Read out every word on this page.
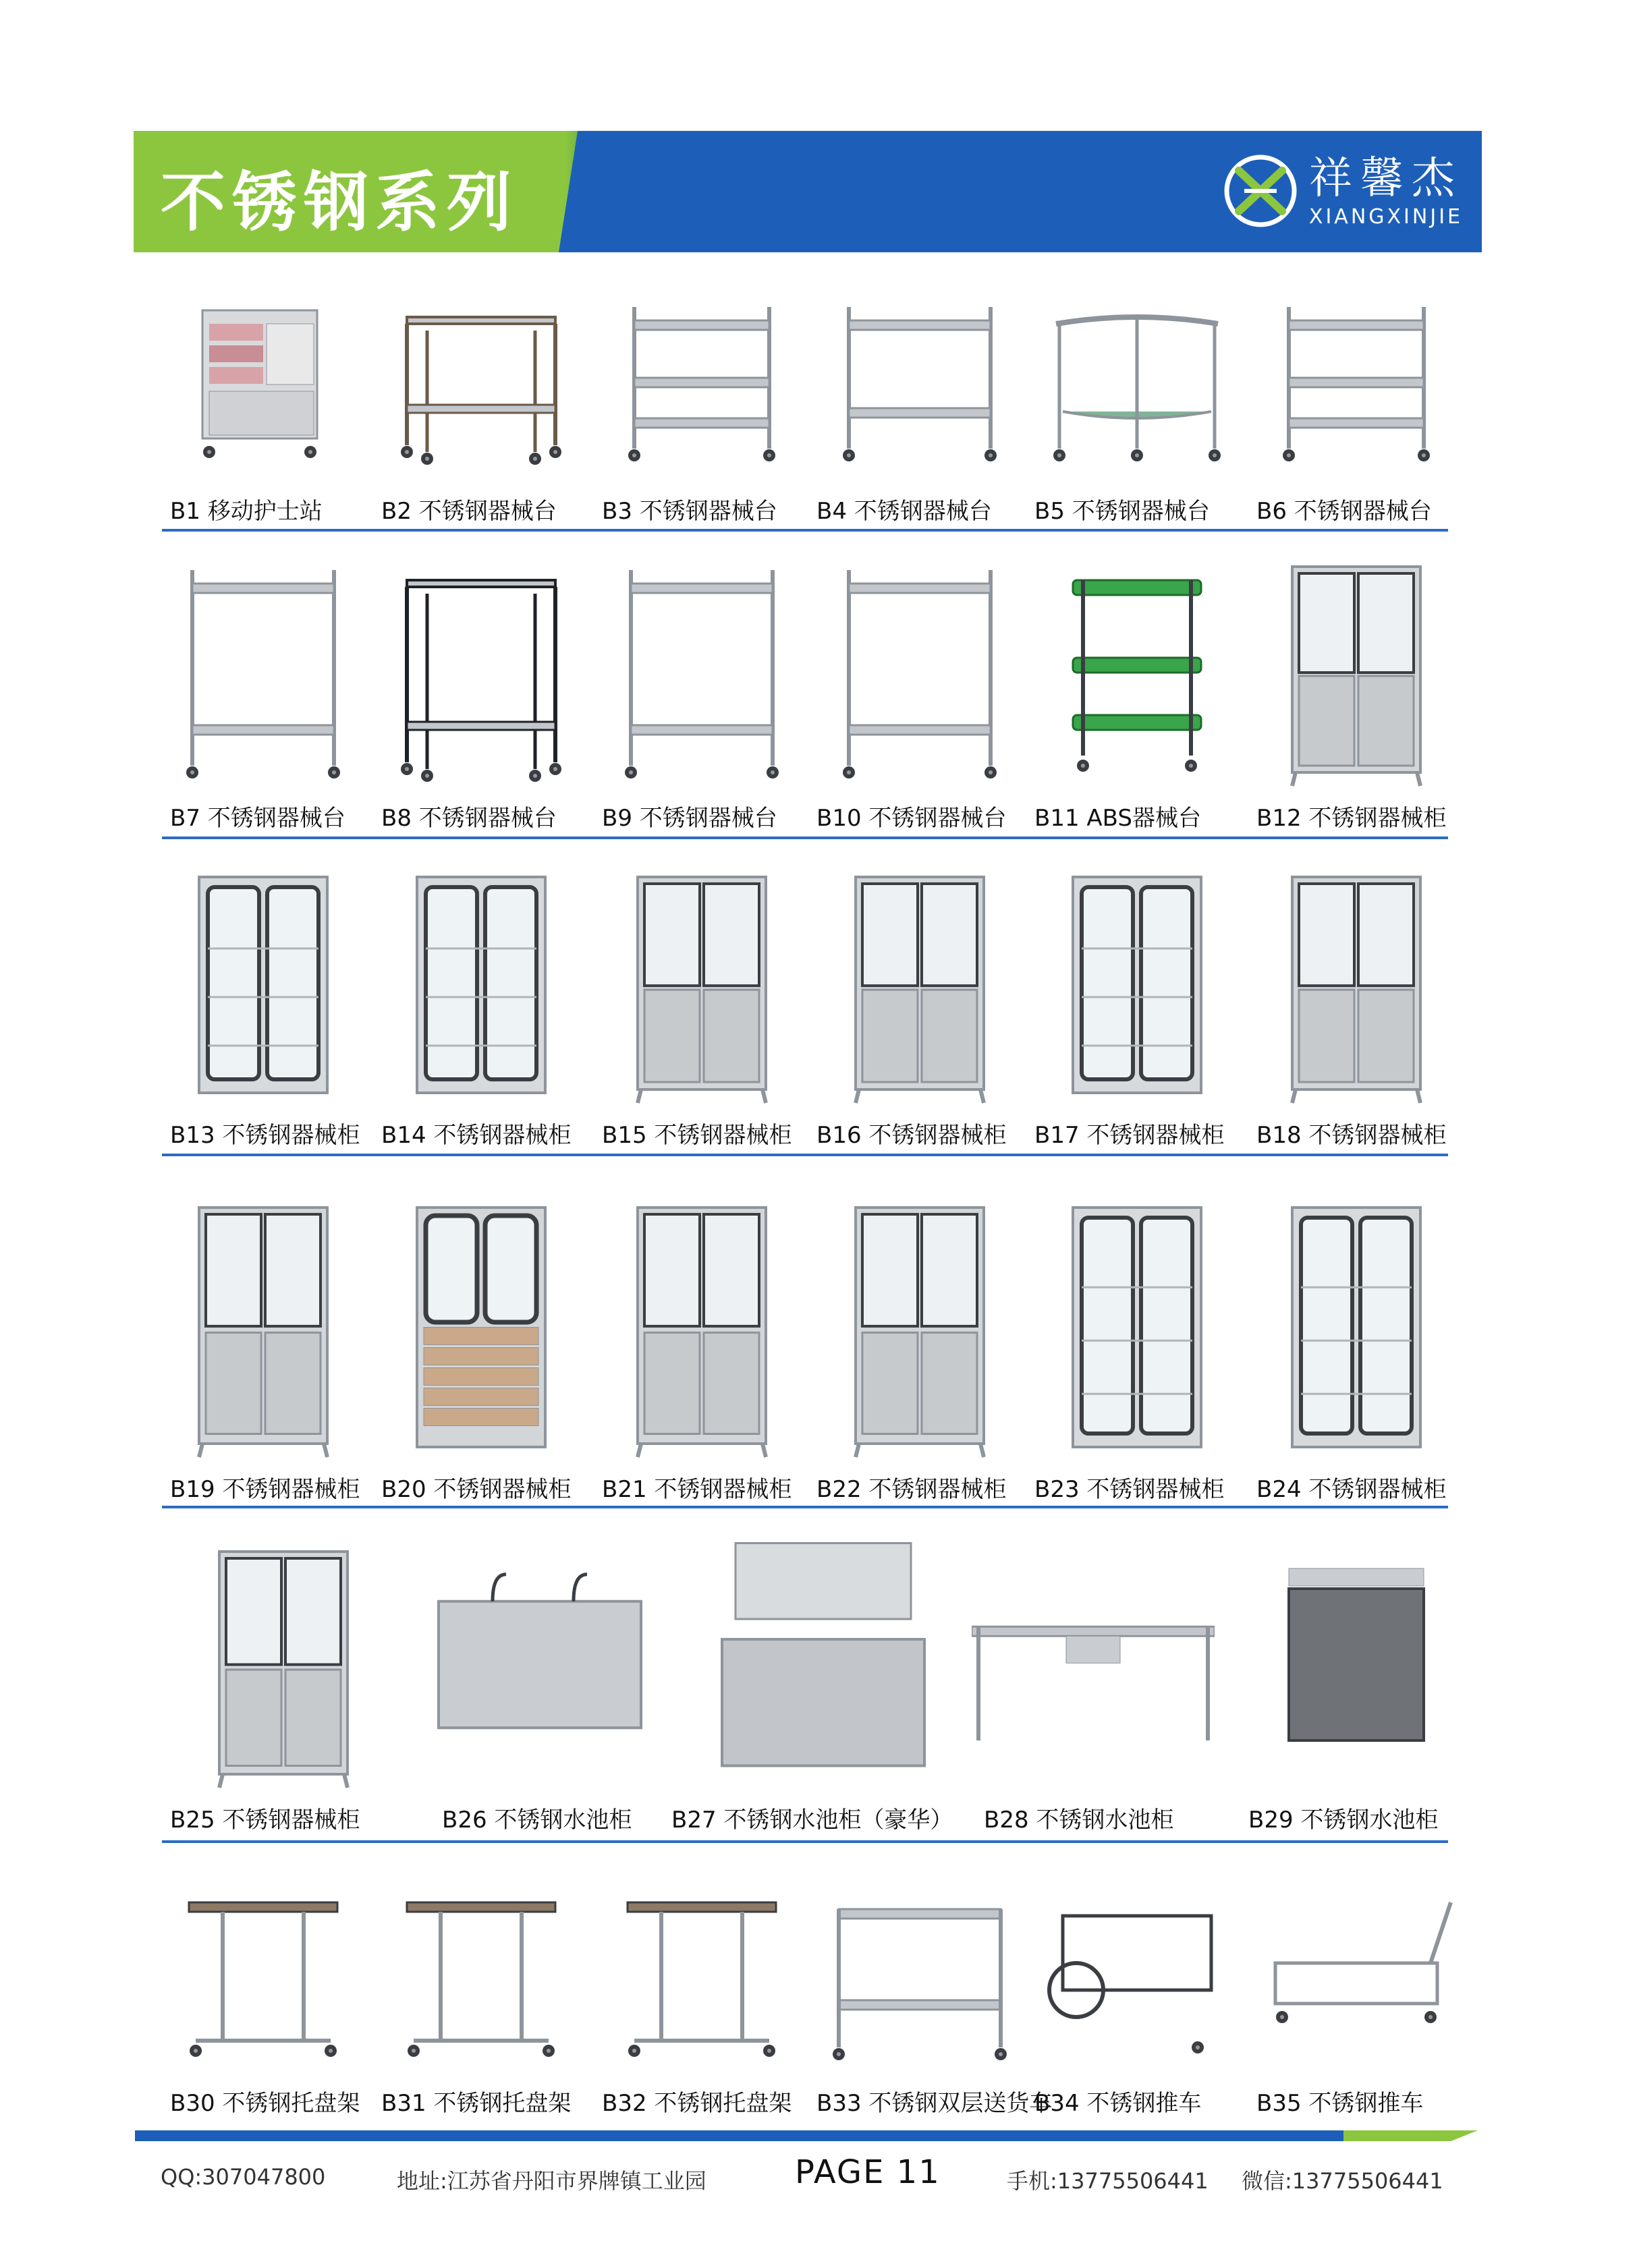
不锈钢系列	祥馨杰
XIANGXINJIE
QQ:307047800	地址:江苏省丹阳市界牌镇工业园	PAGE 11	手机:13775506441 微信:13775506441
B1 移动护士站	B2 不锈钢器械台 B3 不锈钢器械台 B4 不锈钢器械台 B5 不锈钢器械台 B6 不锈钢器械台
B7 不锈钢器械台 B8 不锈钢器械台 B9 不锈钢器械台 B10 不锈钢器械台 B11 ABS器械台 B12 不锈钢器械柜
B13 不锈钢器械柜 B14 不锈钢器械柜 B15 不锈钢器械柜 B16 不锈钢器械柜 B17 不锈钢器械柜 B18 不锈钢器械柜
B19 不锈钢器械柜 B20 不锈钢器械柜 B21 不锈钢器械柜 B22 不锈钢器械柜 B23 不锈钢器械柜 B24 不锈钢器械柜
B25 不锈钢器械柜	B26 不锈钢水池柜 B27 不锈钢水池柜（豪华） B28 不锈钢水池柜	B29 不锈钢水池柜
B30 不锈钢托盘架 B31 不锈钢托盘架 B32 不锈钢托盘架 B33 不锈钢双层送货车
B34 不锈钢推车 B35 不锈钢推车
